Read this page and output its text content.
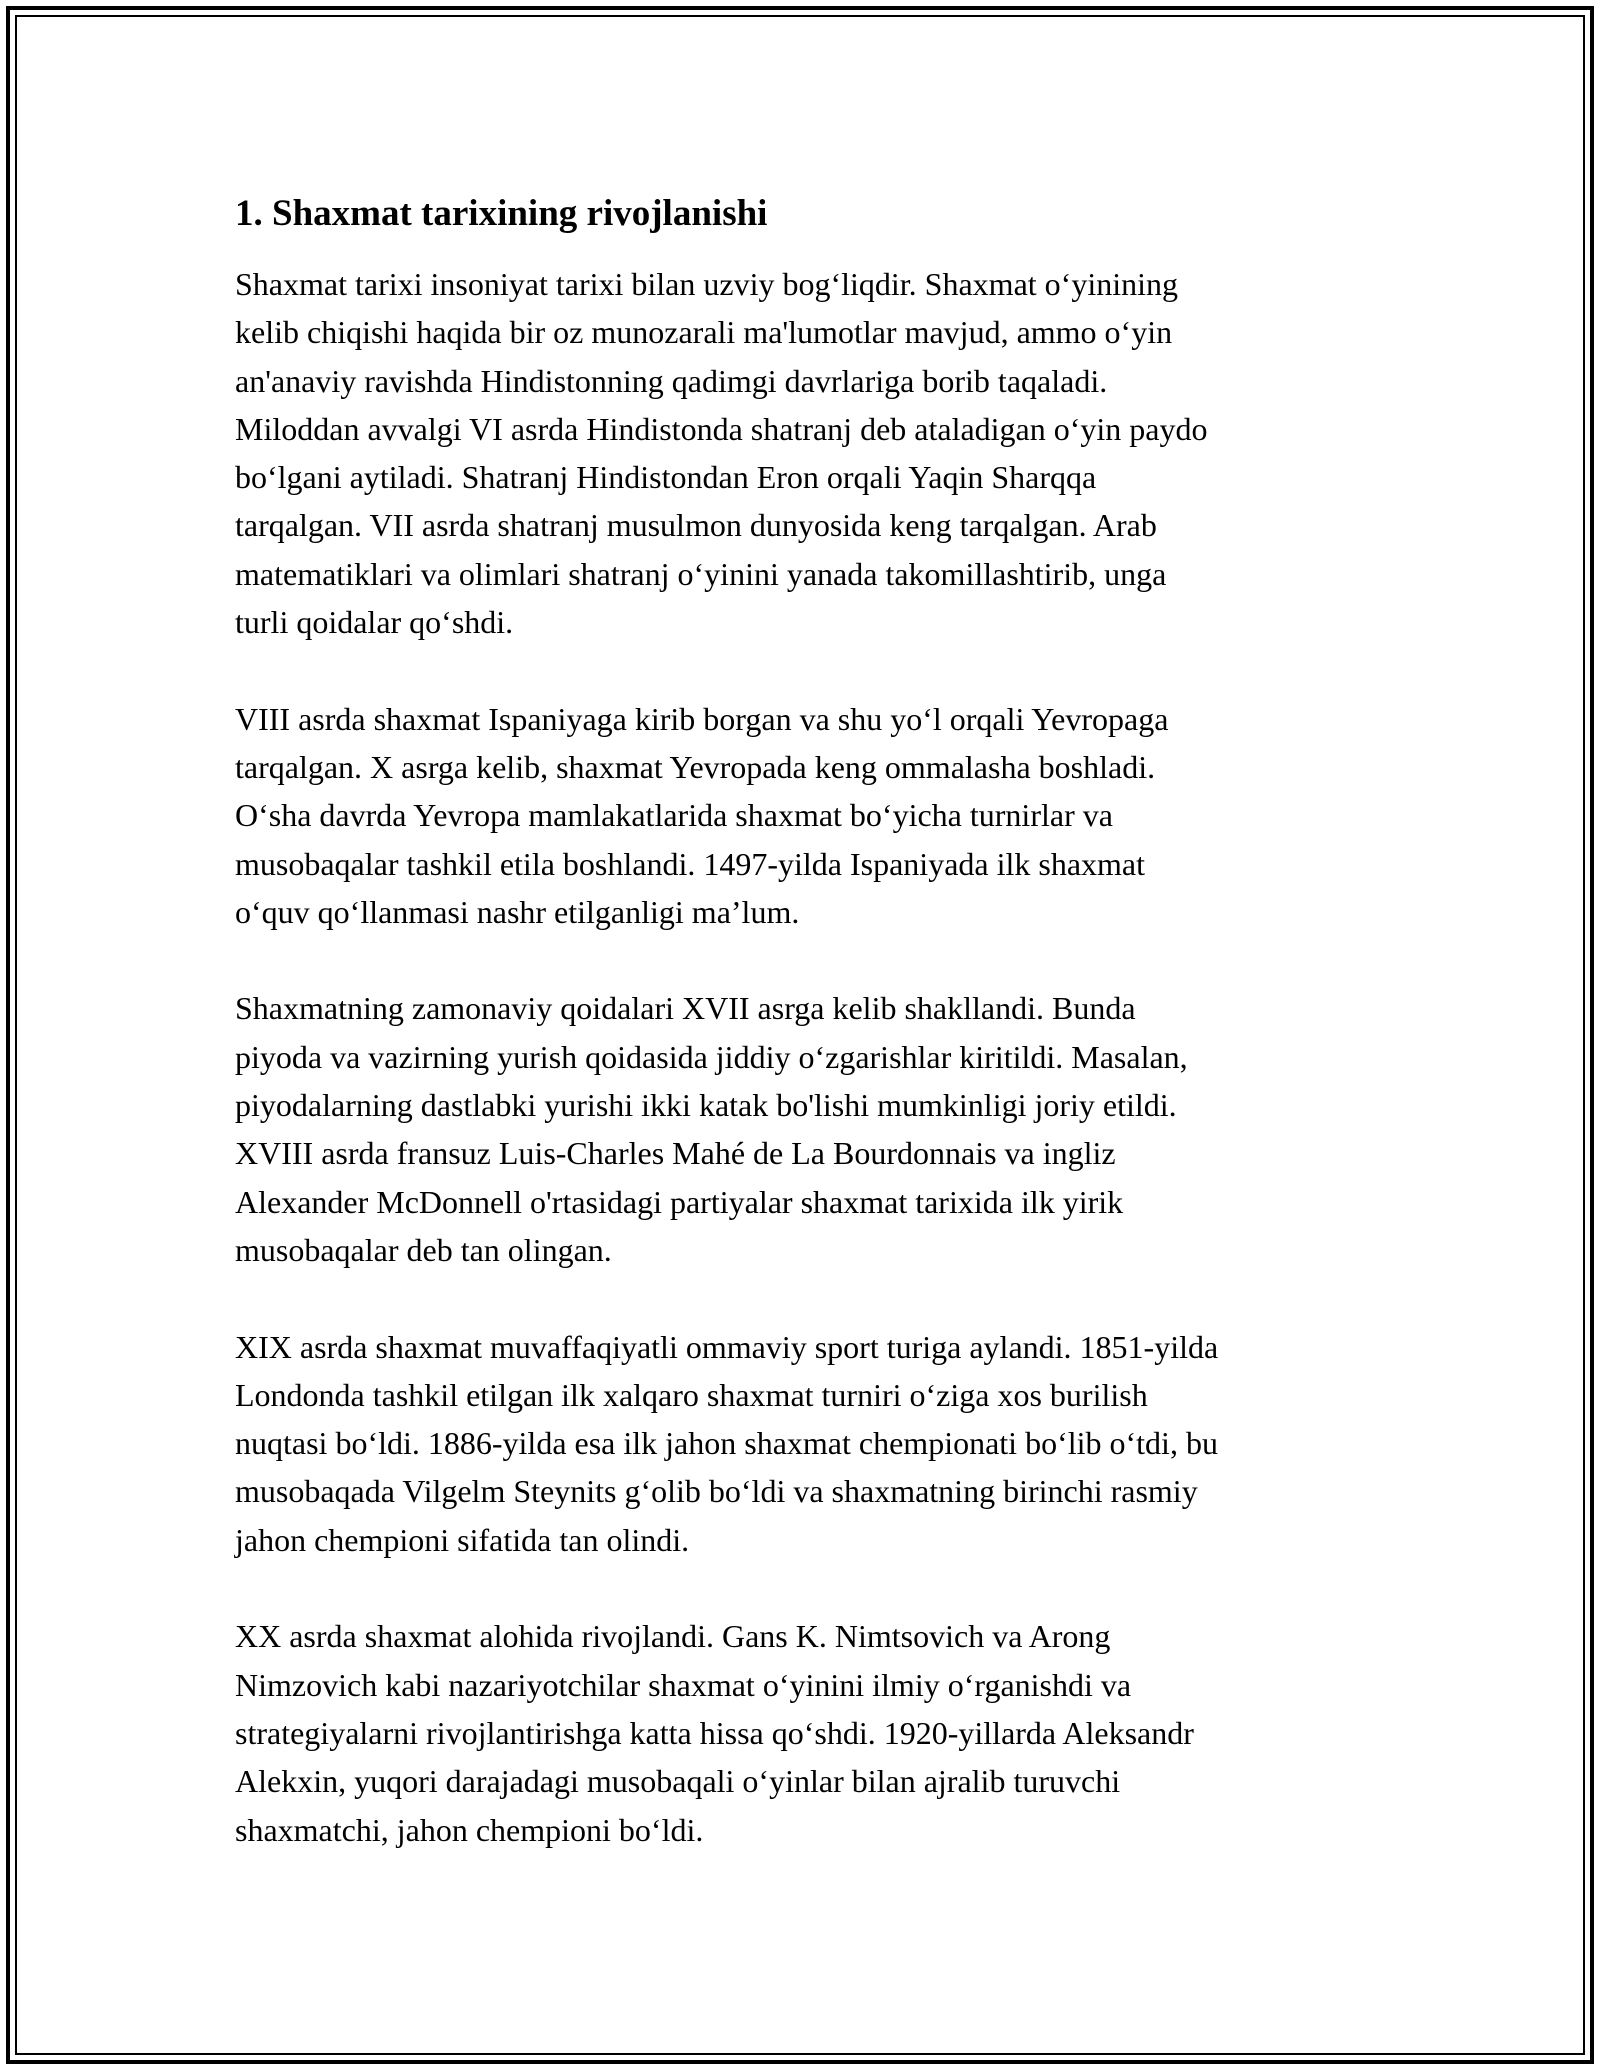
1. Shaxmat tarixining rivojlanishi

Shaxmat tarixi insoniyat tarixi bilan uzviy bog‘liqdir. Shaxmat o‘yinining
kelib chiqishi haqida bir oz munozarali ma'lumotlar mavjud, ammo o‘yin
an'anaviy ravishda Hindistonning qadimgi davrlariga borib taqaladi.
Miloddan avvalgi VI asrda Hindistonda shatranj deb ataladigan o‘yin paydo
bo‘lgani aytiladi. Shatranj Hindistondan Eron orqali Yaqin Sharqqa
tarqalgan. VII asrda shatranj musulmon dunyosida keng tarqalgan. Arab
matematiklari va olimlari shatranj o‘yinini yanada takomillashtirib, unga
turli qoidalar qo‘shdi.

VIII asrda shaxmat Ispaniyaga kirib borgan va shu yo‘l orqali Yevropaga
tarqalgan. X asrga kelib, shaxmat Yevropada keng ommalasha boshladi.
O‘sha davrda Yevropa mamlakatlarida shaxmat bo‘yicha turnirlar va
musobaqalar tashkil etila boshlandi. 1497-yilda Ispaniyada ilk shaxmat
o‘quv qo‘llanmasi nashr etilganligi ma’lum.

Shaxmatning zamonaviy qoidalari XVII asrga kelib shakllandi. Bunda
piyoda va vazirning yurish qoidasida jiddiy o‘zgarishlar kiritildi. Masalan,
piyodalarning dastlabki yurishi ikki katak bo'lishi mumkinligi joriy etildi.
XVIII asrda fransuz Luis-Charles Mahé de La Bourdonnais va ingliz
Alexander McDonnell o'rtasidagi partiyalar shaxmat tarixida ilk yirik
musobaqalar deb tan olingan.

XIX asrda shaxmat muvaffaqiyatli ommaviy sport turiga aylandi. 1851-yilda
Londonda tashkil etilgan ilk xalqaro shaxmat turniri o‘ziga xos burilish
nuqtasi bo‘ldi. 1886-yilda esa ilk jahon shaxmat chempionati bo‘lib o‘tdi, bu
musobaqada Vilgelm Steynits g‘olib bo‘ldi va shaxmatning birinchi rasmiy
jahon chempioni sifatida tan olindi.

XX asrda shaxmat alohida rivojlandi. Gans K. Nimtsovich va Arong
Nimzovich kabi nazariyotchilar shaxmat o‘yinini ilmiy o‘rganishdi va
strategiyalarni rivojlantirishga katta hissa qo‘shdi. 1920-yillarda Aleksandr
Alekxin, yuqori darajadagi musobaqali o‘yinlar bilan ajralib turuvchi
shaxmatchi, jahon chempioni bo‘ldi.
